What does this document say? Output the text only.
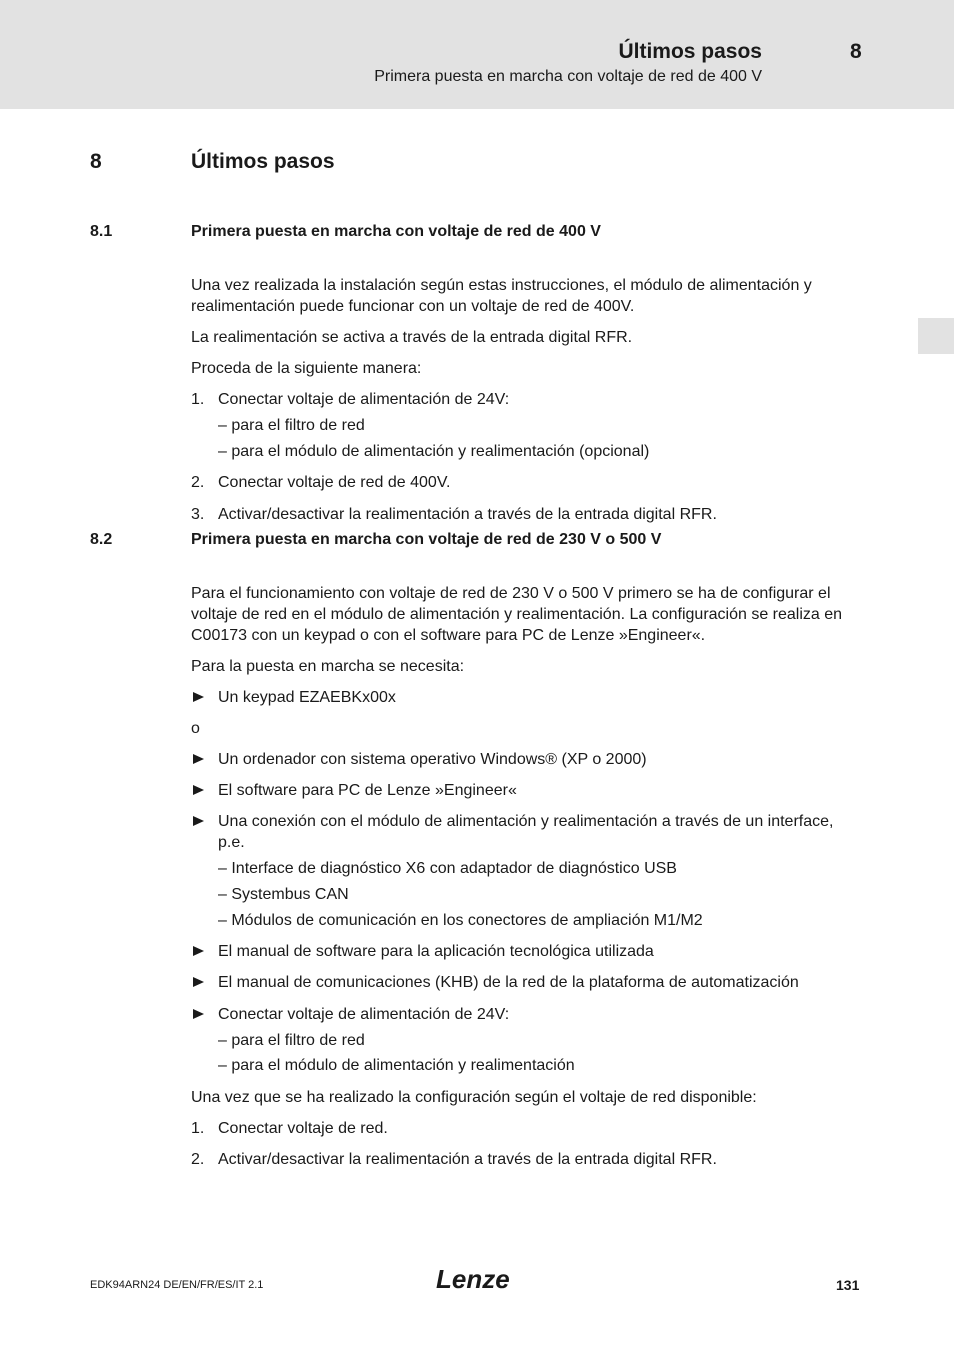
Últimos pasos	8
Primera puesta en marcha con voltaje de red de 400 V
8	Últimos pasos
8.1	Primera puesta en marcha con voltaje de red de 400 V
Una vez realizada la instalación según estas instrucciones, el módulo de alimentación y realimentación puede funcionar con un voltaje de red de 400V.
La realimentación se activa a través de la entrada digital RFR.
Proceda de la siguiente manera:
1. Conectar voltaje de alimentación de 24V:
– para el filtro de red
– para el módulo de alimentación y realimentación (opcional)
2. Conectar voltaje de red de 400V.
3. Activar/desactivar la realimentación a través de la entrada digital RFR.
8.2	Primera puesta en marcha con voltaje de red de 230 V o 500 V
Para el funcionamiento con voltaje de red de 230 V o 500 V primero se ha de configurar el voltaje de red en el módulo de alimentación y realimentación. La configuración se realiza en C00173 con un keypad o con el software para PC de Lenze »Engineer«.
Para la puesta en marcha se necesita:
Un keypad EZAEBKx00x
o
Un ordenador con sistema operativo Windows® (XP o 2000)
El software para PC de Lenze »Engineer«
Una conexión con el módulo de alimentación y realimentación a través de un interface, p.e.
– Interface de diagnóstico X6 con adaptador de diagnóstico USB
– Systembus CAN
– Módulos de comunicación en los conectores de ampliación M1/M2
El manual de software para la aplicación tecnológica utilizada
El manual de comunicaciones (KHB) de la red de la plataforma de automatización
Conectar voltaje de alimentación de 24V:
– para el filtro de red
– para el módulo de alimentación y realimentación
Una vez que se ha realizado la configuración según el voltaje de red disponible:
1. Conectar voltaje de red.
2. Activar/desactivar la realimentación a través de la entrada digital RFR.
EDK94ARN24 DE/EN/FR/ES/IT 2.1	Lenze	131
